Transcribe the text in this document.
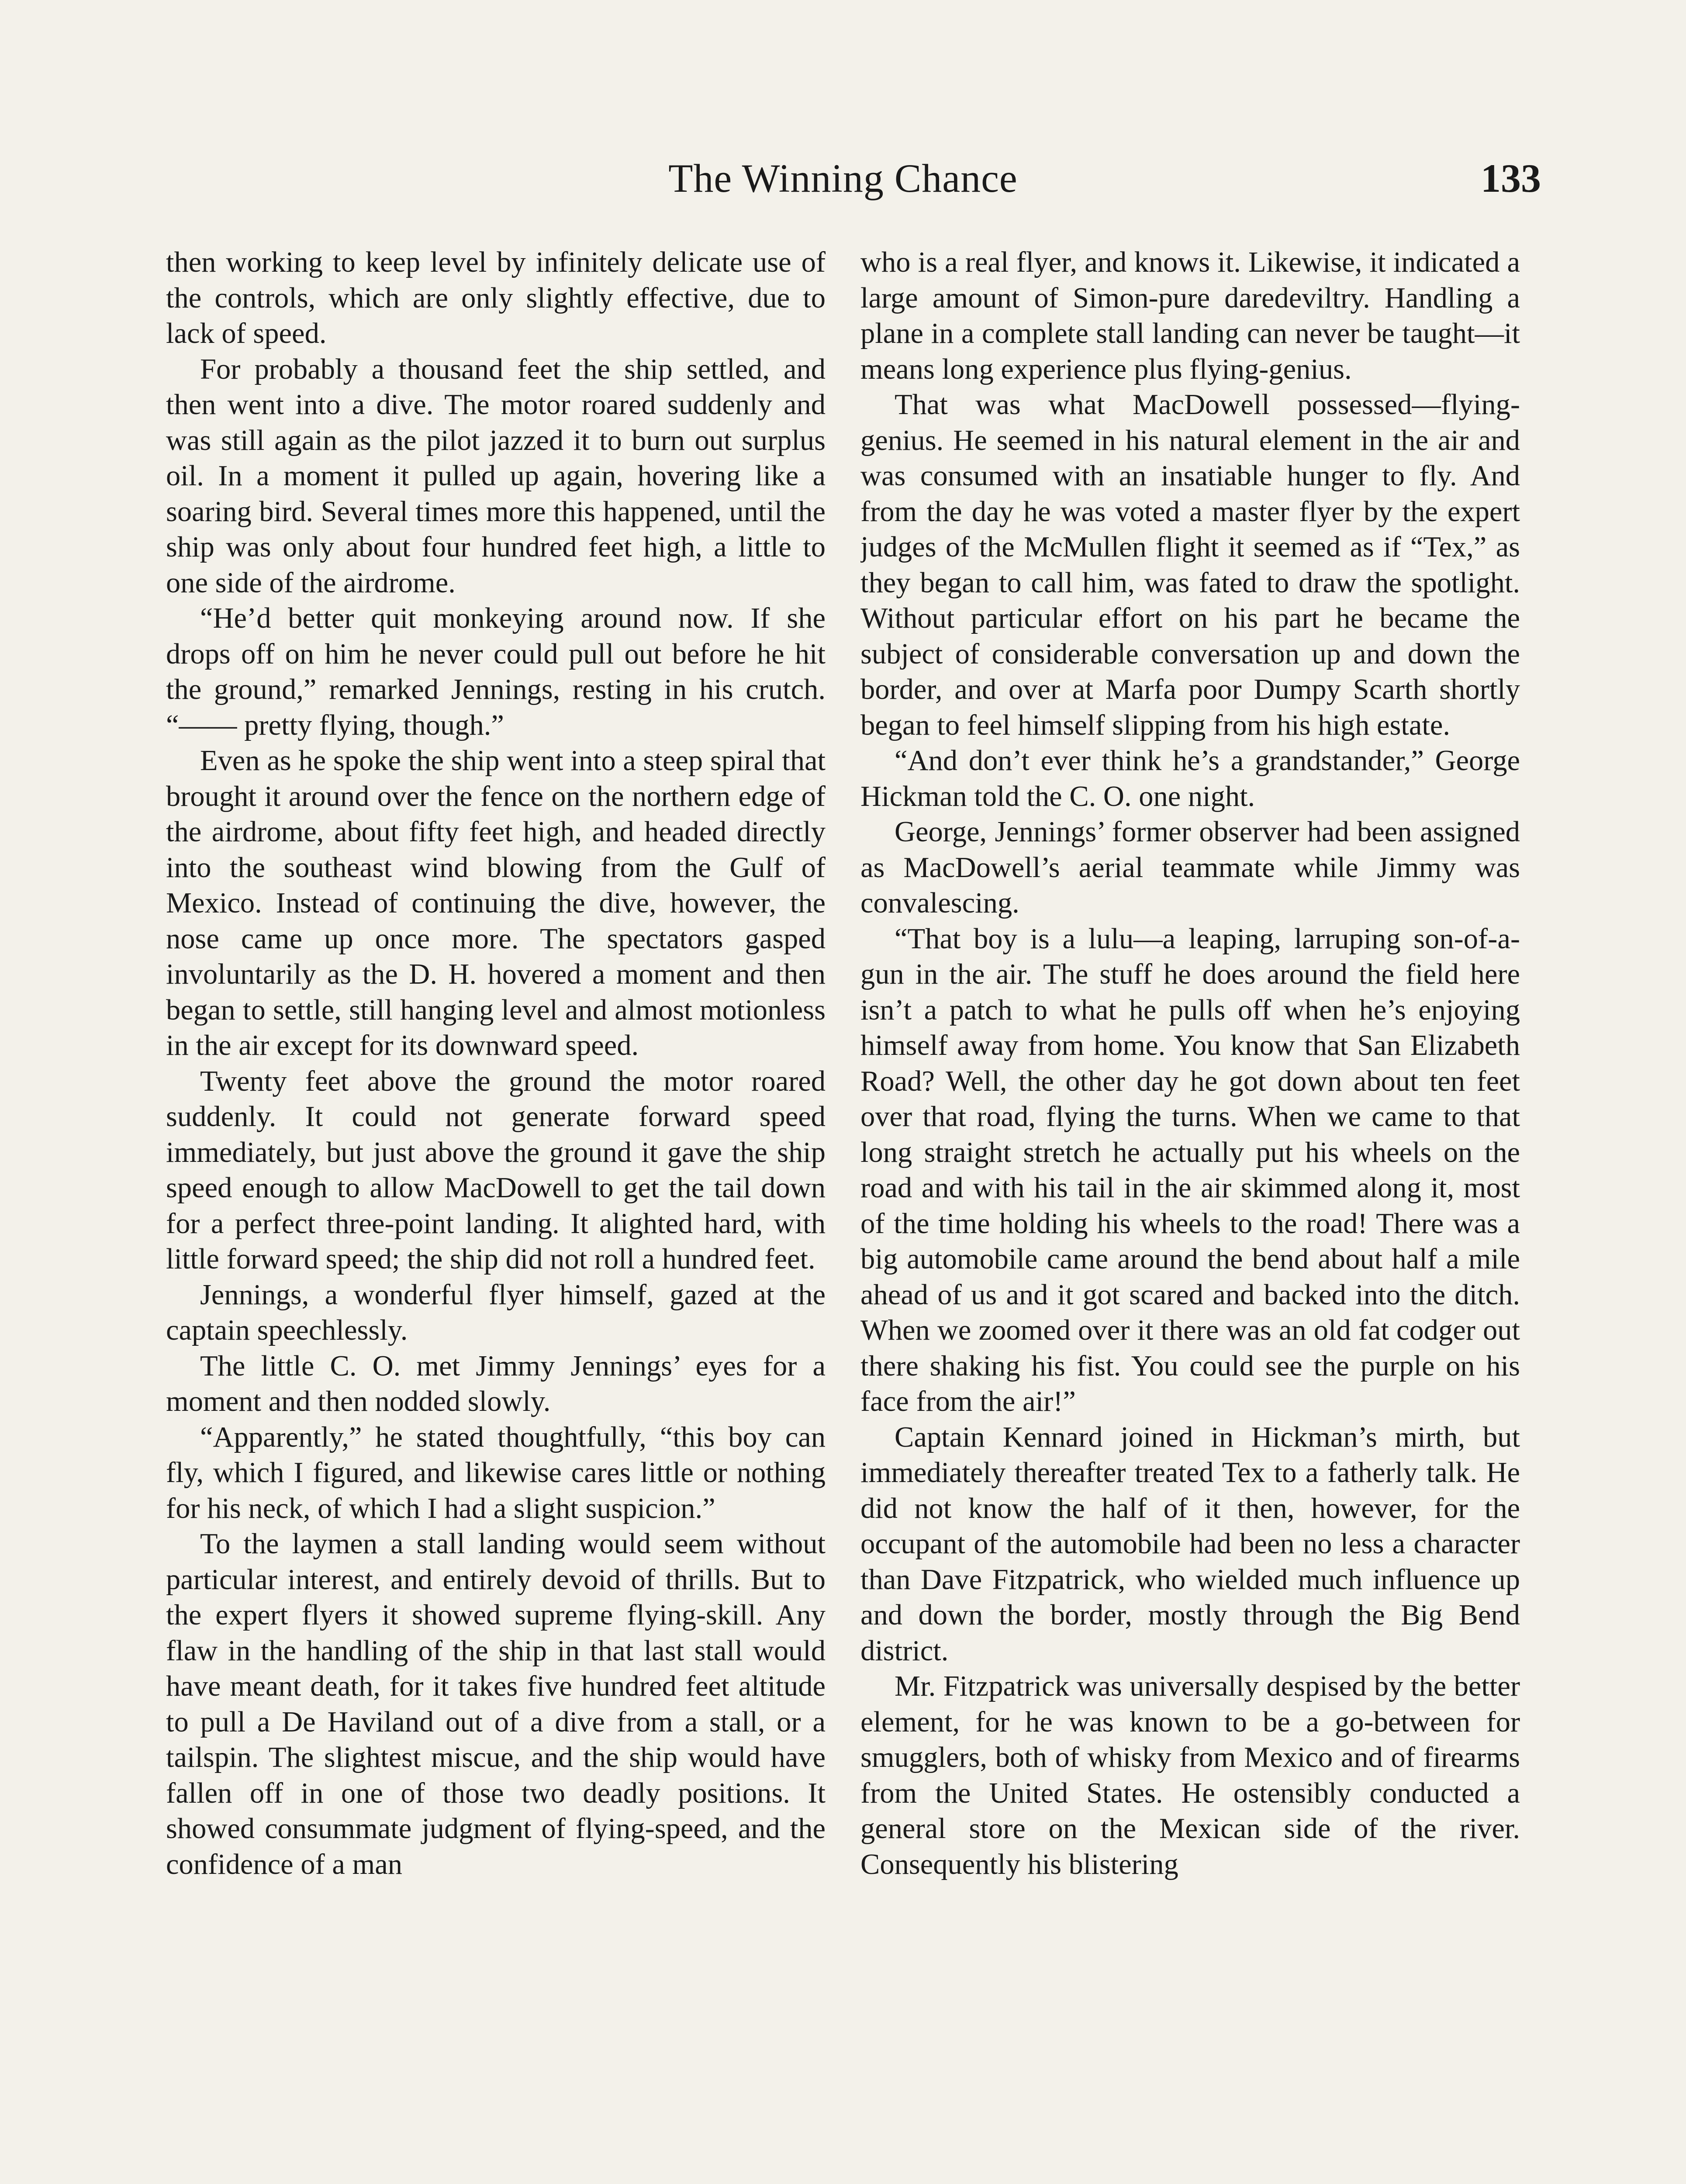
The Winning Chance	133

then working to keep level by infinitely delicate use of the controls, which are only slightly effective, due to lack of speed.

For probably a thousand feet the ship settled, and then went into a dive. The motor roared suddenly and was still again as the pilot jazzed it to burn out surplus oil. In a moment it pulled up again, hovering like a soaring bird. Several times more this happened, until the ship was only about four hundred feet high, a little to one side of the airdrome.

“He’d better quit monkeying around now. If she drops off on him he never could pull out before he hit the ground,” remarked Jennings, resting in his crutch. “—— pretty flying, though.”

Even as he spoke the ship went into a steep spiral that brought it around over the fence on the northern edge of the airdrome, about fifty feet high, and headed directly into the southeast wind blowing from the Gulf of Mexico. Instead of continuing the dive, however, the nose came up once more. The spectators gasped involuntarily as the D. H. hovered a moment and then began to settle, still hanging level and almost motionless in the air except for its downward speed.

Twenty feet above the ground the motor roared suddenly. It could not generate forward speed immediately, but just above the ground it gave the ship speed enough to allow MacDowell to get the tail down for a perfect three-point landing. It alighted hard, with little forward speed; the ship did not roll a hundred feet.

Jennings, a wonderful flyer himself, gazed at the captain speechlessly.

The little C. O. met Jimmy Jennings’ eyes for a moment and then nodded slowly.

“Apparently,” he stated thoughtfully, “this boy can fly, which I figured, and likewise cares little or nothing for his neck, of which I had a slight suspicion.”

To the laymen a stall landing would seem without particular interest, and entirely devoid of thrills. But to the expert flyers it showed supreme flying-skill. Any flaw in the handling of the ship in that last stall would have meant death, for it takes five hundred feet altitude to pull a De Haviland out of a dive from a stall, or a tailspin. The slightest miscue, and the ship would have fallen off in one of those two deadly positions. It showed consummate judgment of flying-speed, and the confidence of a man

who is a real flyer, and knows it. Likewise, it indicated a large amount of Simon-pure daredeviltry. Handling a plane in a complete stall landing can never be taught—it means long experience plus flying-genius.

That was what MacDowell possessed—flying-genius. He seemed in his natural element in the air and was consumed with an insatiable hunger to fly. And from the day he was voted a master flyer by the expert judges of the McMullen flight it seemed as if “Tex,” as they began to call him, was fated to draw the spotlight. Without particular effort on his part he became the subject of considerable conversation up and down the border, and over at Marfa poor Dumpy Scarth shortly began to feel himself slipping from his high estate.

“And don’t ever think he’s a grandstander,” George Hickman told the C. O. one night.

George, Jennings’ former observer had been assigned as MacDowell’s aerial teammate while Jimmy was convalescing.

“That boy is a lulu—a leaping, larruping son-of-a-gun in the air. The stuff he does around the field here isn’t a patch to what he pulls off when he’s enjoying himself away from home. You know that San Elizabeth Road? Well, the other day he got down about ten feet over that road, flying the turns. When we came to that long straight stretch he actually put his wheels on the road and with his tail in the air skimmed along it, most of the time holding his wheels to the road! There was a big automobile came around the bend about half a mile ahead of us and it got scared and backed into the ditch. When we zoomed over it there was an old fat codger out there shaking his fist. You could see the purple on his face from the air!”

Captain Kennard joined in Hickman’s mirth, but immediately thereafter treated Tex to a fatherly talk. He did not know the half of it then, however, for the occupant of the automobile had been no less a character than Dave Fitzpatrick, who wielded much influence up and down the border, mostly through the Big Bend district.

Mr. Fitzpatrick was universally despised by the better element, for he was known to be a go-between for smugglers, both of whisky from Mexico and of firearms from the United States. He ostensibly conducted a general store on the Mexican side of the river. Consequently his blistering
